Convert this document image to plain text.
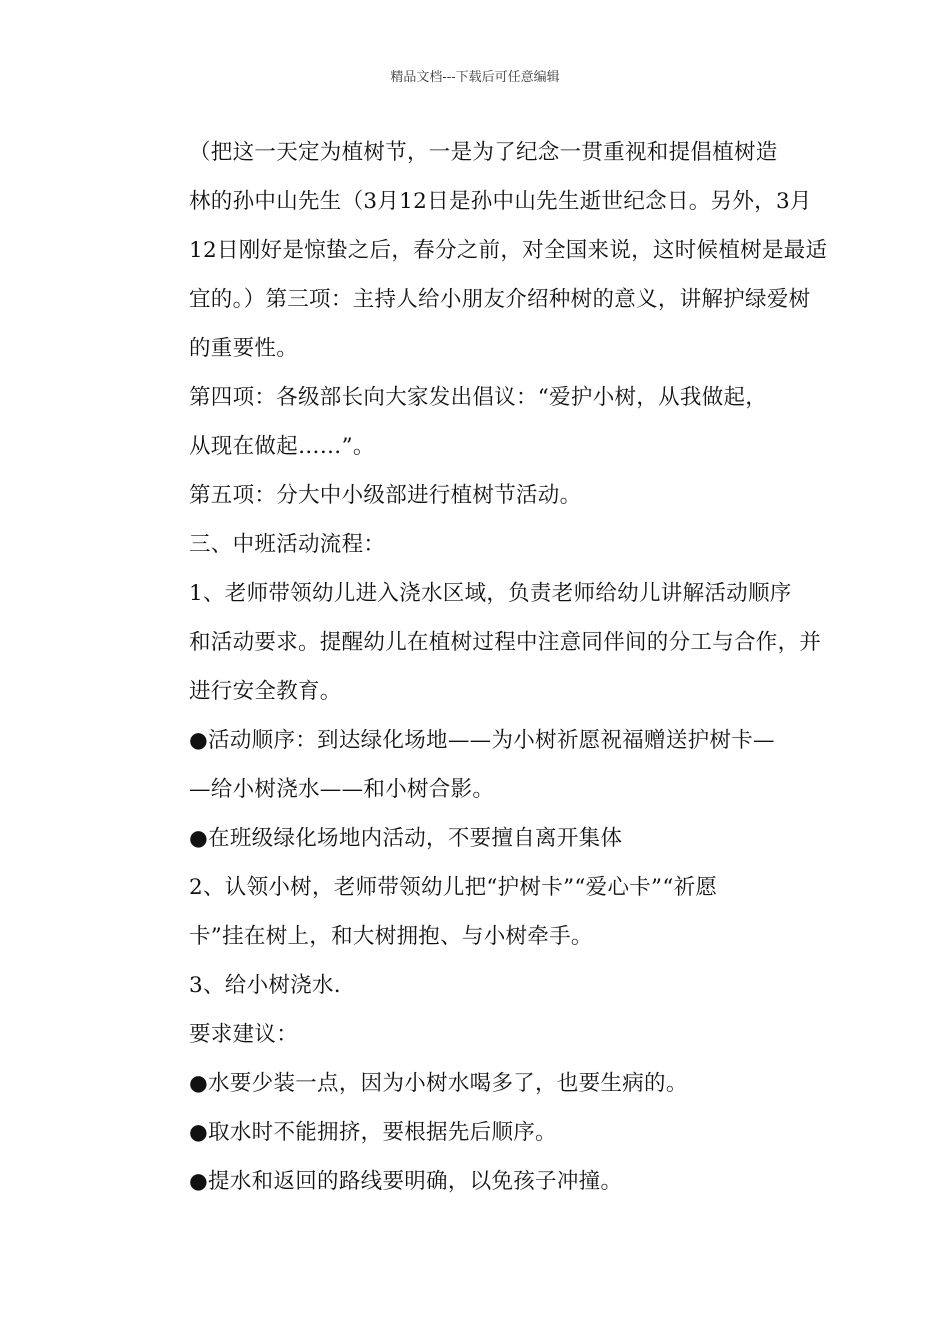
精品文档---下载后可任意编辑

（把这一天定为植树节，一是为了纪念一贯重视和提倡植树造
林的孙中山先生（3月12日是孙中山先生逝世纪念日。另外，3月
12日刚好是惊蛰之后，春分之前，对全国来说，这时候植树是最适
宜的。）第三项：主持人给小朋友介绍种树的意义，讲解护绿爱树
的重要性。

第四项：各级部长向大家发出倡议：“爱护小树，从我做起，
从现在做起……”。

第五项：分大中小级部进行植树节活动。

三、中班活动流程：

1、老师带领幼儿进入浇水区域，负责老师给幼儿讲解活动顺序
和活动要求。提醒幼儿在植树过程中注意同伴间的分工与合作，并
进行安全教育。

●活动顺序：到达绿化场地——为小树祈愿祝福赠送护树卡—
—给小树浇水——和小树合影。

●在班级绿化场地内活动，不要擅自离开集体

2、认领小树，老师带领幼儿把“护树卡”“爱心卡”“祈愿
卡”挂在树上，和大树拥抱、与小树牵手。

3、给小树浇水.

要求建议：

●水要少装一点，因为小树水喝多了，也要生病的。

●取水时不能拥挤，要根据先后顺序。

●提水和返回的路线要明确，以免孩子冲撞。
